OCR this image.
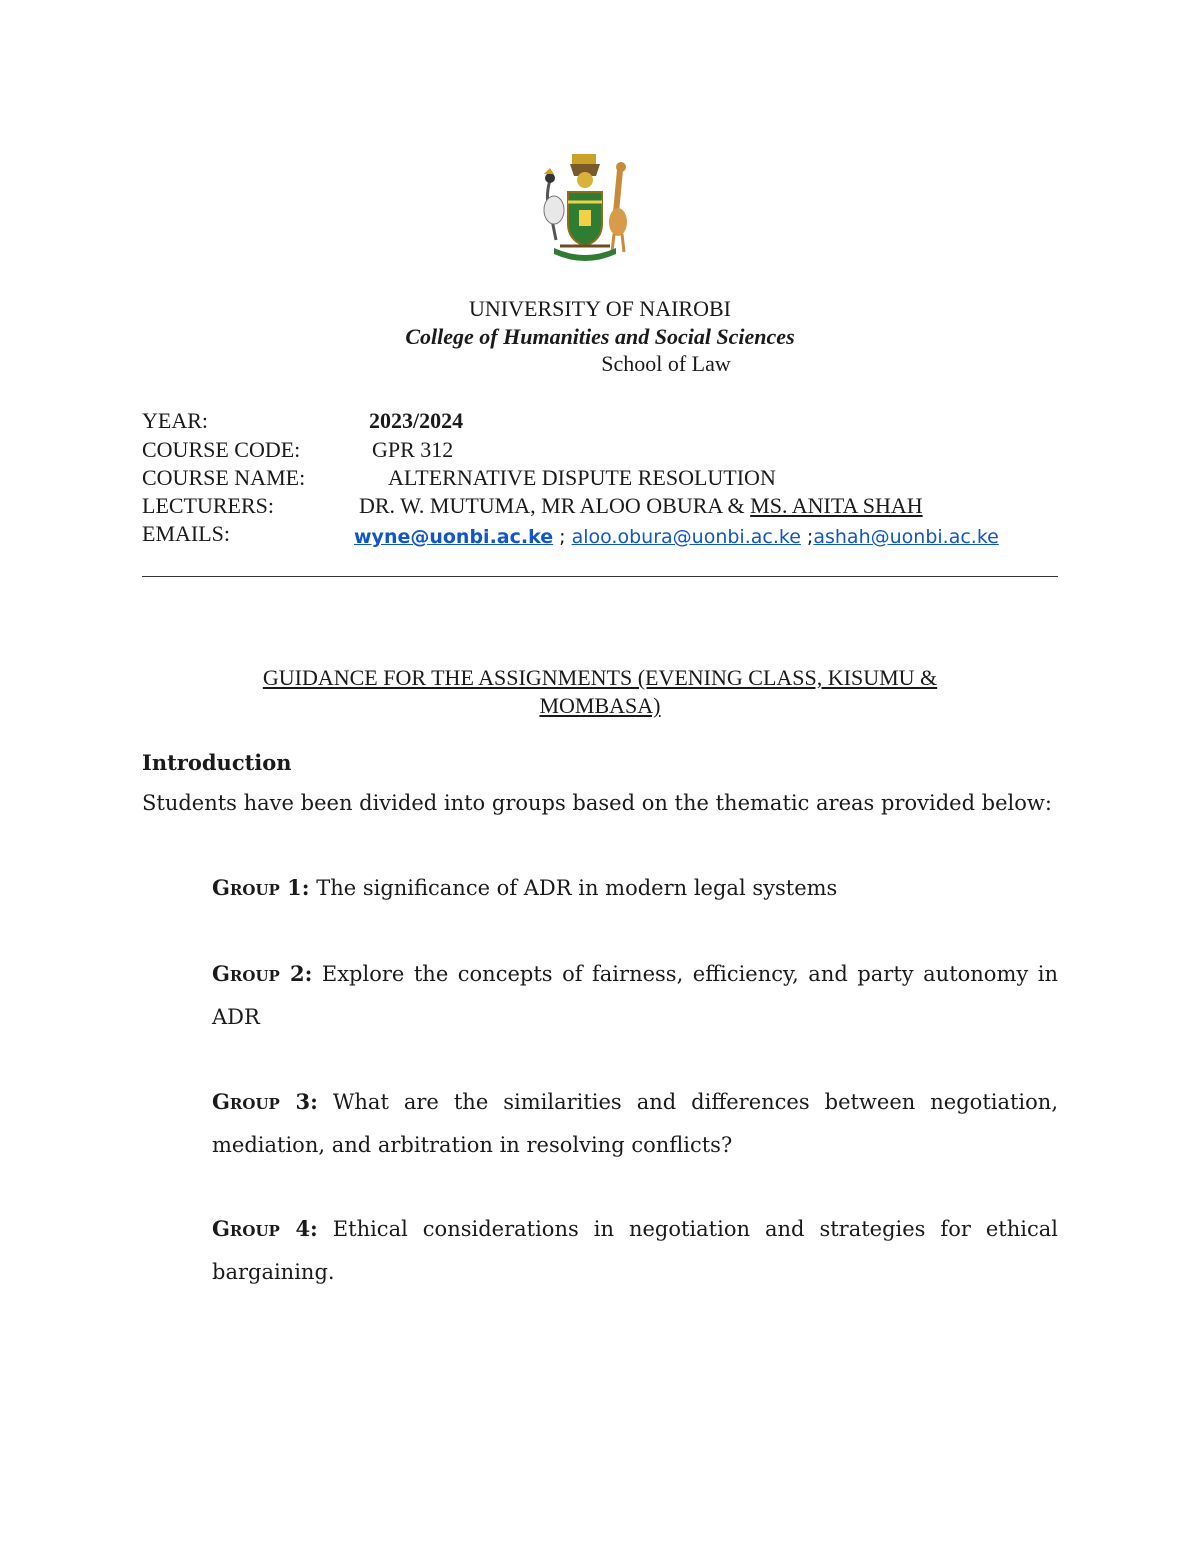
UNIVERSITY OF NAIROBI
College of Humanities and Social Sciences
School of Law
YEAR:	2023/2024
COURSE CODE:	GPR 312
COURSE NAME:	ALTERNATIVE DISPUTE RESOLUTION
LECTURERS:	DR. W. MUTUMA, MR ALOO OBURA & MS. ANITA SHAH
EMAILS:	wyne@uonbi.ac.ke ; aloo.obura@uonbi.ac.ke ;ashah@uonbi.ac.ke
GUIDANCE FOR THE ASSIGNMENTS (EVENING CLASS, KISUMU &
MOMBASA)
Introduction
Students have been divided into groups based on the thematic areas provided below:
Group 1: The significance of ADR in modern legal systems
Group 2: Explore the concepts of fairness, efficiency, and party autonomy in ADR
Group 3: What are the similarities and differences between negotiation, mediation, and arbitration in resolving conflicts?
Group 4: Ethical considerations in negotiation and strategies for ethical bargaining.
